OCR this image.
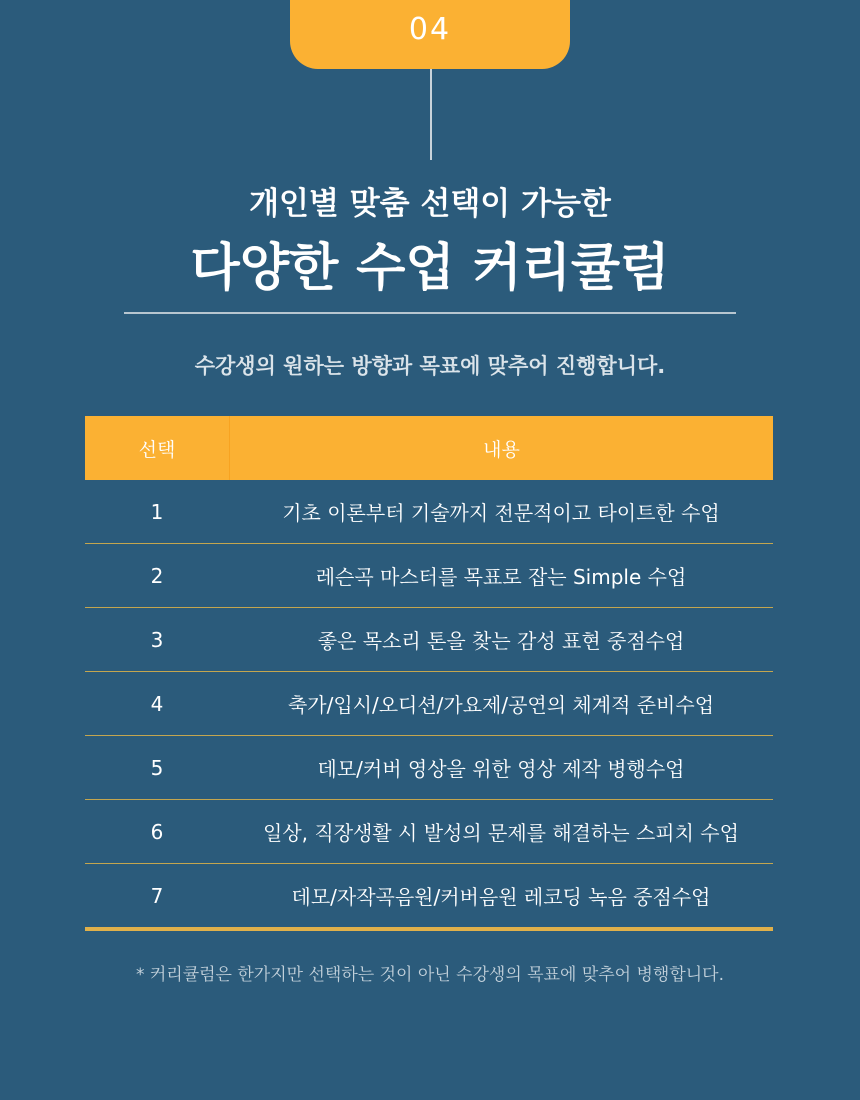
04
개인별 맞춤 선택이 가능한
다양한 수업 커리큘럼
수강생의 원하는 방향과 목표에 맞추어 진행합니다.
선택	내용
1	기초 이론부터 기술까지 전문적이고 타이트한 수업
2	레슨곡 마스터를 목표로 잡는 Simple 수업
3	좋은 목소리 톤을 찾는 감성 표현 중점수업
4	축가/입시/오디션/가요제/공연의 체계적 준비수업
5	데모/커버 영상을 위한 영상 제작 병행수업
6	일상, 직장생활 시 발성의 문제를 해결하는 스피치 수업
7	데모/자작곡음원/커버음원 레코딩 녹음 중점수업
* 커리큘럼은 한가지만 선택하는 것이 아닌 수강생의 목표에 맞추어 병행합니다.
